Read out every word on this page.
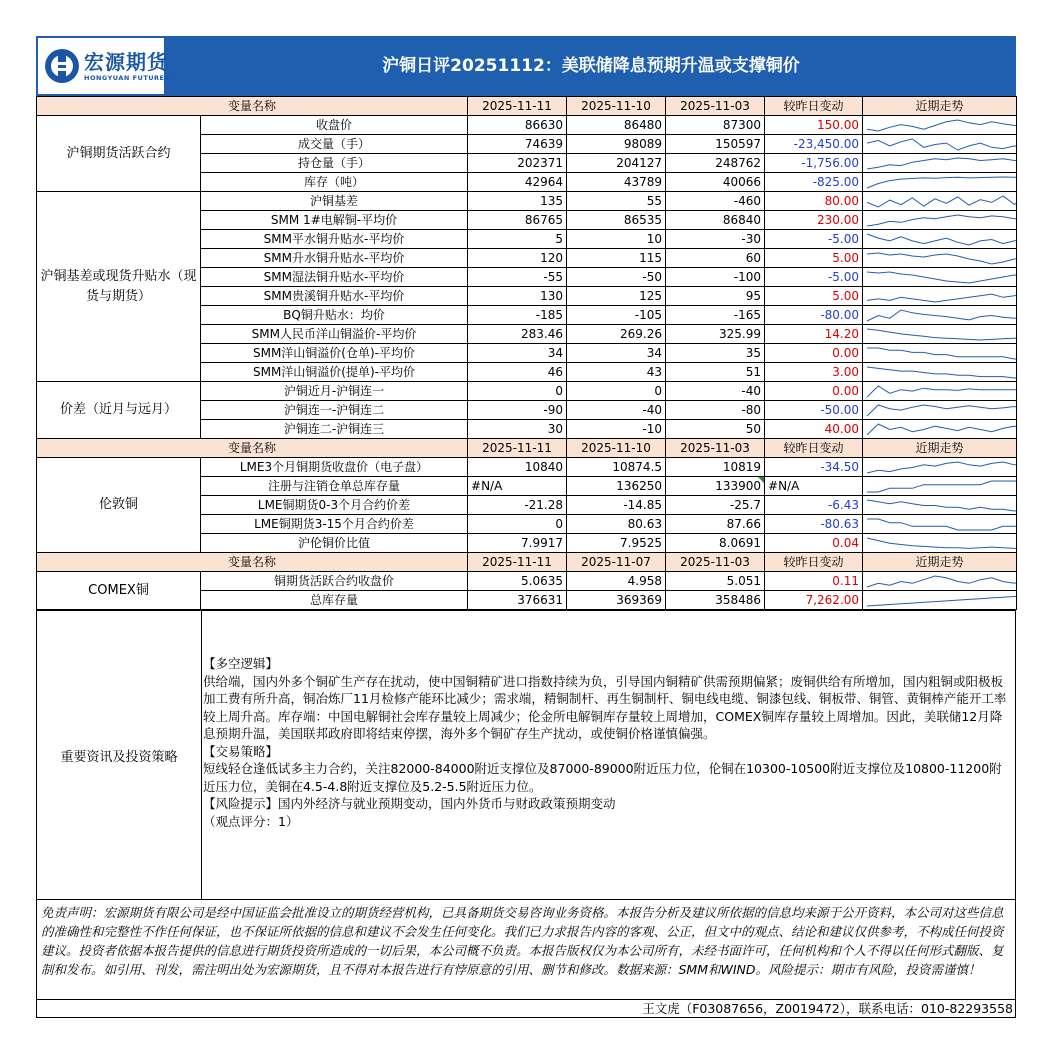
宏源期货
HONGYUAN FUTURES
沪铜日评20251112：美联储降息预期升温或支撑铜价
变量名称		2025-11-11	2025-11-10	2025-11-03	较昨日变动	近期走势
沪铜期货活跃合约	收盘价	86630	86480	87300	150.00	

	成交量（手）	74639	98089	150597	-23,450.00	

	持仓量（手）	202371	204127	248762	-1,756.00	

	库存（吨）	42964	43789	40066	-825.00	

沪铜基差或现货升贴水（现货与期货）	沪铜基差	135	55	-460	80.00	

	SMM 1#电解铜-平均价	86765	86535	86840	230.00	

	SMM平水铜升贴水-平均价	5	10	-30	-5.00	

	SMM升水铜升贴水-平均价	120	115	60	5.00	

	SMM湿法铜升贴水-平均价	-55	-50	-100	-5.00	

	SMM贵溪铜升贴水-平均价	130	125	95	5.00	

	BQ铜升贴水：均价	-185	-105	-165	-80.00	

	SMM人民币洋山铜溢价-平均价	283.46	269.26	325.99	14.20	

	SMM洋山铜溢价(仓单)-平均价	34	34	35	0.00	

	SMM洋山铜溢价(提单)-平均价	46	43	51	3.00	

价差（近月与远月）	沪铜近月-沪铜连一	0	0	-40	0.00	

	沪铜连一-沪铜连二	-90	-40	-80	-50.00	

	沪铜连二-沪铜连三	30	-10	50	40.00	

变量名称		2025-11-11	2025-11-10	2025-11-03	较昨日变动	近期走势
伦敦铜	LME3个月铜期货收盘价（电子盘）	10840	10874.5	10819	-34.50	

	注册与注销仓单总库存量	#N/A	136250	133900	#N/A	

	LME铜期货0-3个月合约价差	-21.28	-14.85	-25.7	-6.43	

	LME铜期货3-15个月合约价差	0	80.63	87.66	-80.63	

	沪伦铜价比值	7.9917	7.9525	8.0691	0.04	

变量名称		2025-11-11	2025-11-07	2025-11-03	较昨日变动	近期走势
COMEX铜	铜期货活跃合约收盘价	5.0635	4.958	5.051	0.11	

	总库存量	376631	369369	358486	7,262.00	
重要资讯及投资策略

【多空逻辑】

供给端，国内外多个铜矿生产存在扰动，使中国铜精矿进口指数持续为负，引导国内铜精矿供需预期偏紧；废铜供给有所增加，国内粗铜或阳极板加工费有所升高，铜冶炼厂11月检修产能环比减少；需求端，精铜制杆、再生铜制杆、铜电线电缆、铜漆包线、铜板带、铜管、黄铜棒产能开工率较上周升高。库存端：中国电解铜社会库存量较上周减少；伦金所电解铜库存量较上周增加，COMEX铜库存量较上周增加。因此，美联储12月降息预期升温，美国联邦政府即将结束停摆，海外多个铜矿存生产扰动，或使铜价格谨慎偏强。

【交易策略】

短线轻仓逢低试多主力合约，关注82000-84000附近支撑位及87000-89000附近压力位，伦铜在10300-10500附近支撑位及10800-11200附近压力位，美铜在4.5-4.8附近支撑位及5.2-5.5附近压力位。

【风险提示】国内外经济与就业预期变动，国内外货币与财政政策预期变动

（观点评分：1）

免责声明：宏源期货有限公司是经中国证监会批准设立的期货经营机构，已具备期货交易咨询业务资格。本报告分析及建议所依据的信息均来源于公开资料，本公司对这些信息的准确性和完整性不作任何保证，也不保证所依据的信息和建议不会发生任何变化。我们已力求报告内容的客观、公正，但文中的观点、结论和建议仅供参考，不构成任何投资建议。投资者依据本报告提供的信息进行期货投资所造成的一切后果，本公司概不负责。本报告版权仅为本公司所有，未经书面许可，任何机构和个人不得以任何形式翻版、复制和发布。如引用、刊发，需注明出处为宏源期货，且不得对本报告进行有悖原意的引用、删节和修改。数据来源：SMM和WIND。风险提示：期市有风险，投资需谨慎！
王文虎（F03087656，Z0019472），联系电话：010-82293558
